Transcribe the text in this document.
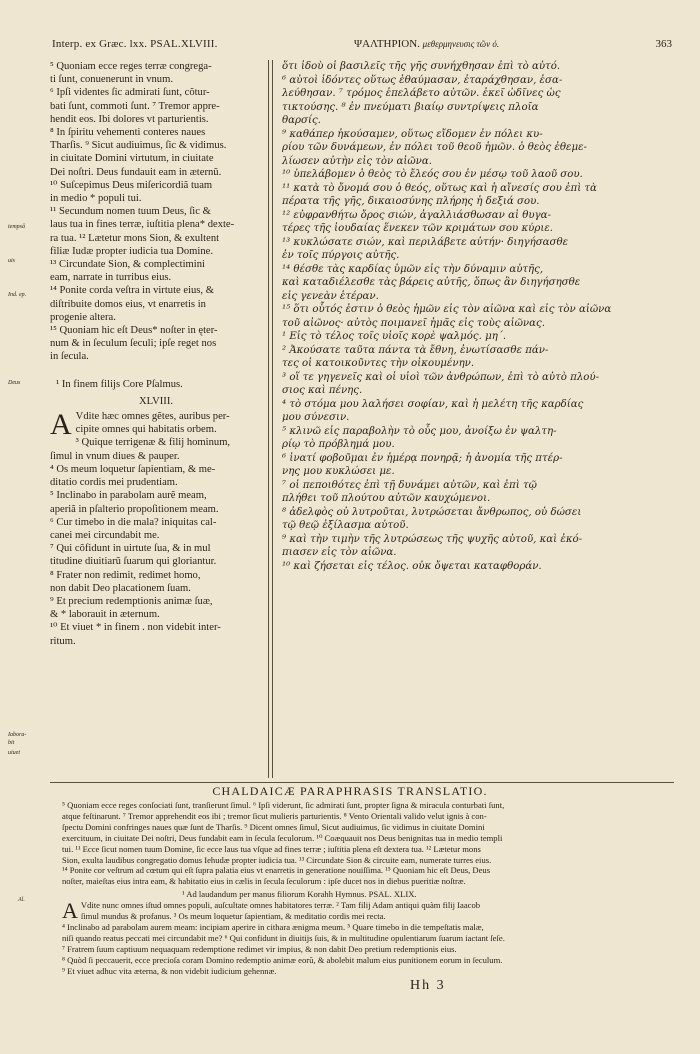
Interp. ex Græc. lxx. PSAL.XLVIII.	ΨΑΛΤΗΡΙΟΝ. μεθερμηνευσις τῶν ό.	363
tempsâ
uis
Ind. ep.
Deus
Iabora-
bit
uiuet

⁵ Quoniam ecce reges terræ congrega-

ti ſunt, conuenerunt in vnum.

⁶ Ipſi videntes ſic admirati ſunt, cõtur-

bati ſunt, commoti ſunt. ⁷ Tremor appre-

hendit eos. Ibi dolores vt parturientis.

⁸ In ſpiritu vehementi conteres naues

Tharſis. ⁹ Sicut audiuimus, ſic & vidimus.

in ciuitate Domini virtutum, in ciuitate

Dei noſtri. Deus fundauit eam in æternũ.

¹⁰ Suſcepimus Deus miſericordiã tuam

in medio * populi tui.

¹¹ Secundum nomen tuum Deus, ſic &

laus tua in fines terræ, iuſtitia plena* dexte-

ra tua. ¹² Lætetur mons Sion, & exultent

filiæ Iudæ propter iudicia tua Domine.

¹³ Circundate Sion, & complectimini

eam, narrate in turribus eius.

¹⁴ Ponite corda veſtra in virtute eius, &

diſtribuite domos eius, vt enarretis in

progenie altera.

¹⁵ Quoniam hic eſt Deus* noſter in ęter-

num & in ſeculum ſeculi; ipſe reget nos

in ſecula.

¹ In finem filijs Core Pſalmus.

XLVIII.

A Vdite hæc omnes gẽtes, auribus per-

cipite omnes qui habitatis orbem.

³ Quique terrigenæ & filij hominum,

ſimul in vnum diues & pauper.

⁴ Os meum loquetur ſapientiam, & me-

ditatio cordis mei prudentiam.

⁵ Inclinabo in parabolam aurẽ meam,

aperiã in pſalterio propoſitionem meam.

⁶ Cur timebo in die mala? iniquitas cal-

canei mei circundabit me.

⁷ Qui cõfidunt in uirtute ſua, & in mul

titudine diuitiarũ ſuarum qui gloriantur.

⁸ Frater non redimit, redimet homo,

non dabit Deo placationem ſuam.

⁹ Et precium redemptionis animæ ſuæ,

& * laborauit in æternum.

¹⁰ Et viuet * in finem . non videbit inter-

ritum.

ὅτι ἰδοὺ οἱ βασιλεῖς τῆς γῆς συνήχθησαν ἐπὶ τὸ αὐτό.

⁶ αὐτοὶ ἰδόντες οὕτως ἐθαύμασαν, ἐταράχθησαν, ἐσα-

λεύθησαν. ⁷ τρόμος ἐπελάβετο αὐτῶν. ἐκεῖ ὠδῖνες ὡς

τικτούσης. ⁸ ἐν πνεύματι βιαίῳ συντρίψεις πλοῖα

θαρσίς.

⁹ καθάπερ ἠκούσαμεν, οὕτως εἴδομεν ἐν πόλει κυ-

ρίου τῶν δυνάμεων, ἐν πόλει τοῦ θεοῦ ἡμῶν. ὁ θεὸς ἐθεμε-

λίωσεν αὐτὴν εἰς τὸν αἰῶνα.

¹⁰ ὑπελάβομεν ὁ θεὸς τὸ ἔλεός σου ἐν μέσῳ τοῦ λαοῦ σου.

¹¹ κατὰ τὸ ὄνομά σου ὁ θεός, οὕτως καὶ ἡ αἴνεσίς σου ἐπὶ τὰ

πέρατα τῆς γῆς, δικαιοσύνης πλήρης ἡ δεξιά σου.

¹² εὐφρανθήτω ὄρος σιών, ἀγαλλιάσθωσαν αἱ θυγα-

τέρες τῆς ἰουδαίας ἕνεκεν τῶν κριμάτων σου κύριε.

¹³ κυκλώσατε σιών, καὶ περιλάβετε αὐτήν· διηγήσασθε

ἐν τοῖς πύργοις αὐτῆς.

¹⁴ θέσθε τὰς καρδίας ὑμῶν εἰς τὴν δύναμιν αὐτῆς,

καὶ καταδιέλεσθε τὰς βάρεις αὐτῆς, ὅπως ἂν διηγήσησθε

εἰς γενεὰν ἑτέραν.

¹⁵ ὅτι οὗτός ἐστιν ὁ θεὸς ἡμῶν εἰς τὸν αἰῶνα καὶ εἰς τὸν αἰῶνα

τοῦ αἰῶνος· αὐτὸς ποιμανεῖ ἡμᾶς εἰς τοὺς αἰῶνας.

¹ Εἰς τὸ τέλος τοῖς υἱοῖς κορὲ ψαλμός. μη΄.

² Ἀκούσατε ταῦτα πάντα τὰ ἔθνη, ἐνωτίσασθε πάν-

τες οἱ κατοικοῦντες τὴν οἰκουμένην.

³ οἵ τε γηγενεῖς καὶ οἱ υἱοὶ τῶν ἀνθρώπων, ἐπὶ τὸ αὐτὸ πλού-

σιος καὶ πένης.

⁴ τὸ στόμα μου λαλήσει σοφίαν, καὶ ἡ μελέτη τῆς καρδίας

μου σύνεσιν.

⁵ κλινῶ εἰς παραβολὴν τὸ οὖς μου, ἀνοίξω ἐν ψαλτη-

ρίῳ τὸ πρόβλημά μου.

⁶ ἱνατί φοβοῦμαι ἐν ἡμέρᾳ πονηρᾷ; ἡ ἀνομία τῆς πτέρ-

νης μου κυκλώσει με.

⁷ οἱ πεποιθότες ἐπὶ τῇ δυνάμει αὐτῶν, καὶ ἐπὶ τῷ

πλήθει τοῦ πλούτου αὐτῶν καυχώμενοι.

⁸ ἀδελφὸς οὐ λυτροῦται, λυτρώσεται ἄνθρωπος, οὐ δώσει

τῷ θεῷ ἐξίλασμα αὐτοῦ.

⁹ καὶ τὴν τιμὴν τῆς λυτρώσεως τῆς ψυχῆς αὐτοῦ, καὶ ἐκό-

πιασεν εἰς τὸν αἰῶνα.

¹⁰ καὶ ζήσεται εἰς τέλος. οὐκ ὄψεται καταφθοράν.

CHALDAICÆ PARAPHRASIS TRANSLATIO.
Al.

⁵ Quoniam ecce reges conſociati ſunt, tranſierunt ſimul. ⁶ Ipſi viderunt, ſic admirati ſunt, propter ſigna & miracula conturbati ſunt,

atque feſtinarunt. ⁷ Tremor apprehendit eos ibi ; tremor ſicut mulieris parturientis. ⁸ Vento Orientali valido velut ignis à con-

ſpectu Domini confringes naues quæ ſunt de Tharſis. ⁹ Dicent omnes ſimul, Sicut audiuimus, ſic vidimus in ciuitate Domini

exercituum, in ciuitate Dei noſtri, Deus fundabit eam in ſecula ſeculorum. ¹⁰ Coæquauit nos Deus benignitas tua in medio templi

tui. ¹¹ Ecce ſicut nomen tuum Domine, ſic ecce laus tua vſque ad fines terræ ; iuſtitia plena eſt dextera tua. ¹² Lætetur mons

Sion, exulta laudibus congregatio domus Iehudæ propter iudicia tua. ¹³ Circundate Sion & circuite eam, numerate turres eius.

¹⁴ Ponite cor veſtrum ad cœtum qui eſt ſupra palatia eius vt enarretis in generatione nouiſſima. ¹⁵ Quoniam hic eſt Deus, Deus

noſter, maieſtas eius intra eam, & habitatio eius in cælis in ſecula ſeculorum : ipſe ducet nos in diebus pueritiæ noſtræ.

¹ Ad laudandum per manus filiorum Korahh Hymnus. PSAL. XLIX.

A Vdite nunc omnes iſtud omnes populi, auſcultate omnes habitatores terræ. ² Tam filij Adam antiqui quàm filij Iaacob

ſimul mundus & profanus. ³ Os meum loquetur ſapientiam, & meditatio cordis mei recta.

⁴ Inclinabo ad parabolam aurem meam: incipiam aperire in cithara ænigma meum. ⁵ Quare timebo in die tempeſtatis malæ,

niſi quando reatus peccati mei circundabit me? ⁶ Qui confidunt in diuitijs ſuis, & in multitudine opulentiarum ſuarum iactant ſeſe.

⁷ Fratrem ſuum captiuum nequaquam redemptione redimet vir impius, & non dabit Deo pretium redemptionis eius.

⁸ Quòd ſi peccauerit, ecce precioſa coram Domino redemptio animæ eorũ, & abolebit malum eius punitionem eorum in ſeculum.

⁹ Et viuet adhuc vita æterna, & non videbit iudicium gehennæ.

Hh 3
